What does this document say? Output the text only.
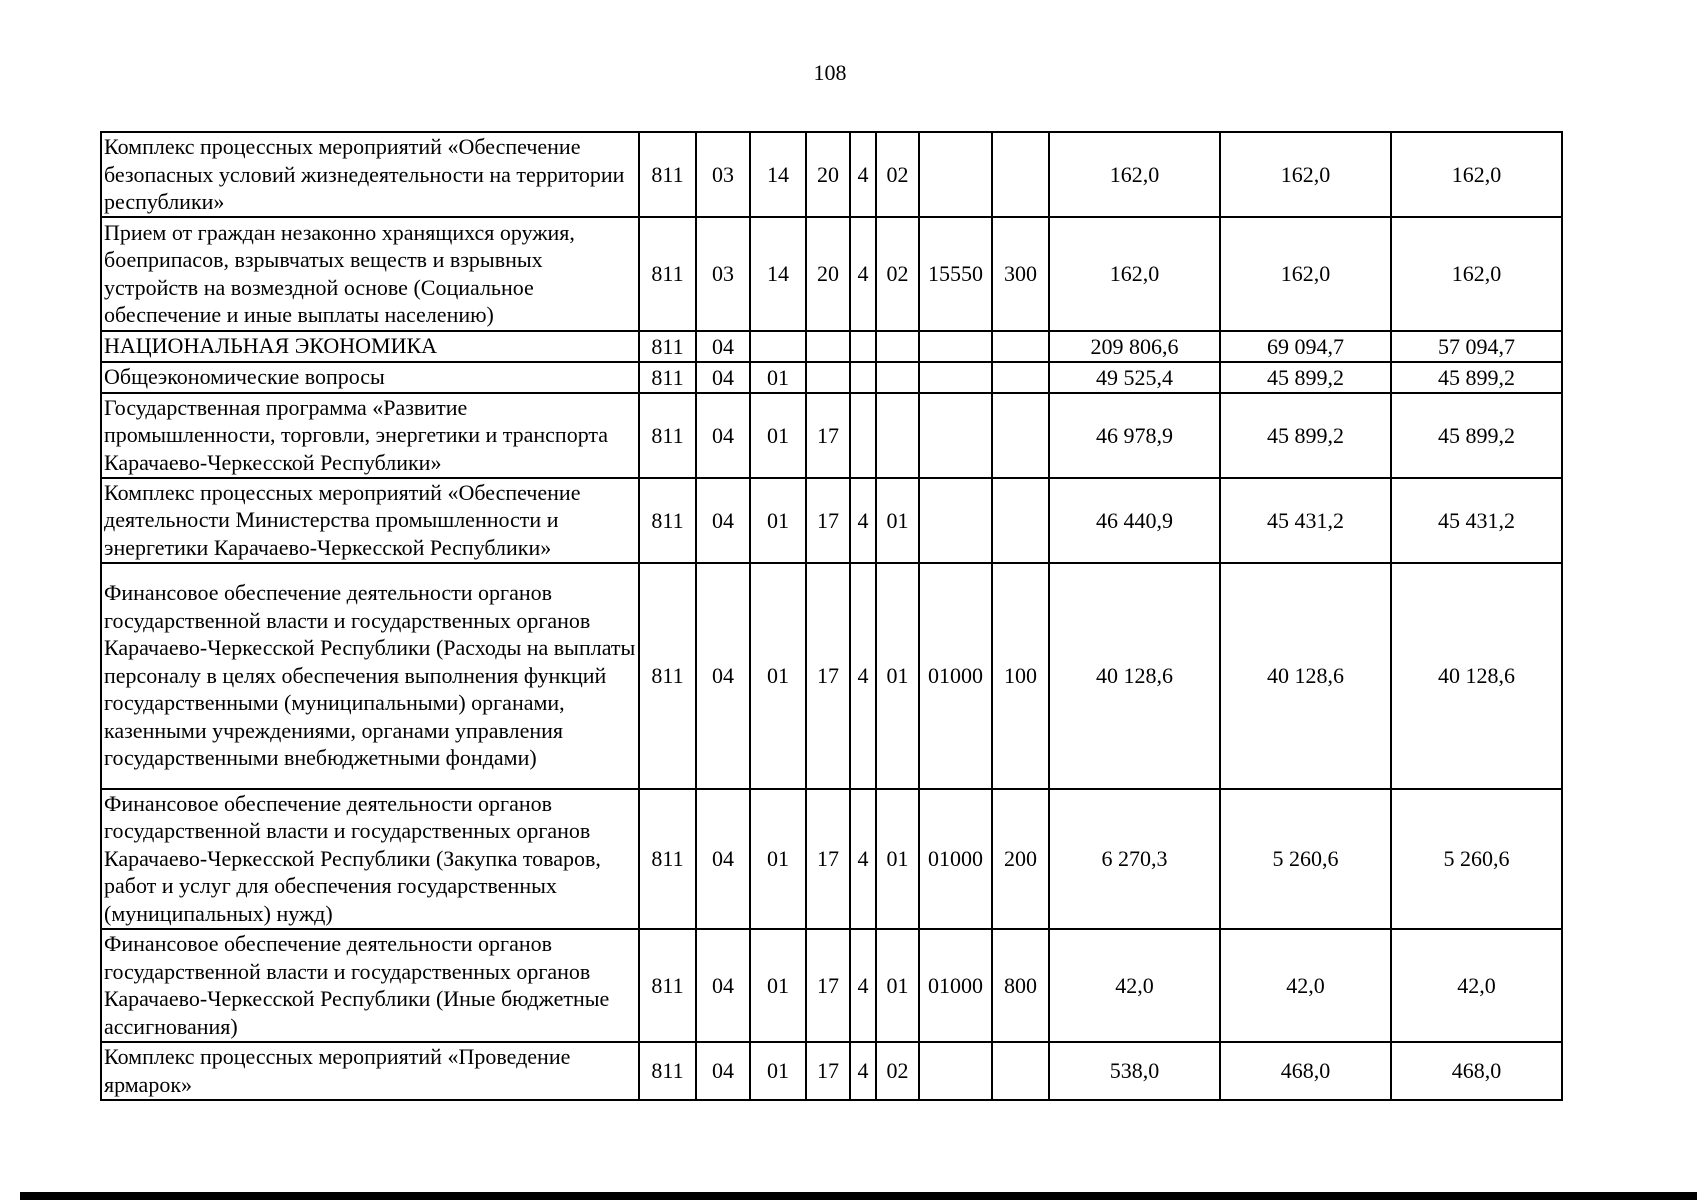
108
Комплекс процессных мероприятий «Обеспечение безопасных условий жизнедеятельности на территории республики»	811	03	14	20	4	02			162,0	162,0	162,0
Прием от граждан незаконно хранящихся оружия, боеприпасов, взрывчатых веществ и взрывных устройств на возмездной основе (Социальное обеспечение и иные выплаты населению)	811	03	14	20	4	02	15550	300	162,0	162,0	162,0
НАЦИОНАЛЬНАЯ ЭКОНОМИКА	811	04							209 806,6	69 094,7	57 094,7
Общеэкономические вопросы	811	04	01						49 525,4	45 899,2	45 899,2
Государственная программа «Развитие промышленности, торговли, энергетики и транспорта Карачаево-Черкесской Республики»	811	04	01	17					46 978,9	45 899,2	45 899,2
Комплекс процессных мероприятий «Обеспечение деятельности Министерства промышленности и энергетики Карачаево-Черкесской Республики»	811	04	01	17	4	01			46 440,9	45 431,2	45 431,2
Финансовое обеспечение деятельности органов государственной власти и государственных органов Карачаево-Черкесской Республики (Расходы на выплаты персоналу в целях обеспечения выполнения функций государственными (муниципальными) органами, казенными учреждениями, органами управления государственными внебюджетными фондами)	811	04	01	17	4	01	01000	100	40 128,6	40 128,6	40 128,6
Финансовое обеспечение деятельности органов государственной власти и государственных органов Карачаево-Черкесской Республики (Закупка товаров, работ и услуг для обеспечения государственных (муниципальных) нужд)	811	04	01	17	4	01	01000	200	6 270,3	5 260,6	5 260,6
Финансовое обеспечение деятельности органов государственной власти и государственных органов Карачаево-Черкесской Республики (Иные бюджетные ассигнования)	811	04	01	17	4	01	01000	800	42,0	42,0	42,0
Комплекс процессных мероприятий «Проведение ярмарок»	811	04	01	17	4	02			538,0	468,0	468,0
